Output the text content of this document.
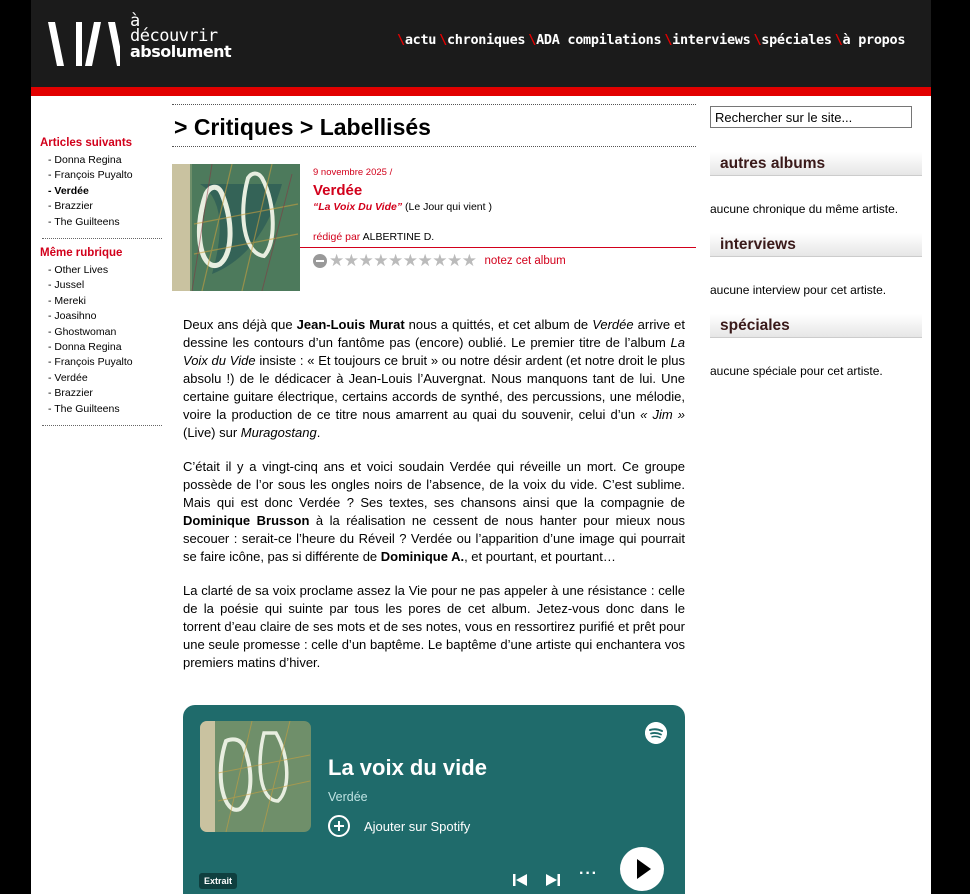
à
découvrir
absolument
\actu \chroniques \ADA compilations \interviews \spéciales \à propos
Articles suivants
- Donna Regina
- François Puyalto
- Verdée
- Brazzier
- The Guilteens
Même rubrique
- Other Lives
- Jussel
- Mereki
- Joasihno
- Ghostwoman
- Donna Regina
- François Puyalto
- Verdée
- Brazzier
- The Guilteens
> Critiques > Labellisés
9 novembre 2025 /
Verdée
“La Voix Du Vide” (Le Jour qui vient )
rédigé par ALBERTINE D.
★ ★ ★ ★ ★ ★ ★ ★ ★ ★ notez cet album

Deux ans déjà que Jean-Louis Murat nous a quittés, et cet album de Verdée arrive et dessine les contours d’un fantôme pas (encore) oublié. Le premier titre de l’album La Voix du Vide insiste : « Et toujours ce bruit » ou notre désir ardent (et notre droit le plus absolu !) de le dédicacer à Jean-Louis l’Auvergnat. Nous manquons tant de lui. Une certaine guitare électrique, certains accords de synthé, des percussions, une mélodie, voire la production de ce titre nous amarrent au quai du souvenir, celui d’un « Jim » (Live) sur Muragostang.

C’était il y a vingt-cinq ans et voici soudain Verdée qui réveille un mort. Ce groupe possède de l’or sous les ongles noirs de l’absence, de la voix du vide. C’est sublime. Mais qui est donc Verdée ? Ses textes, ses chansons ainsi que la compagnie de Dominique Brusson à la réalisation ne cessent de nous hanter pour mieux nous secouer : serait-ce l’heure du Réveil ? Verdée ou l’apparition d’une image qui pourrait se faire icône, pas si différente de Dominique A., et pourtant, et pourtant…

La clarté de sa voix proclame assez la Vie pour ne pas appeler à une résistance : celle de la poésie qui suinte par tous les pores de cet album. Jetez-vous donc dans le torrent d’eau claire de ses mots et de ses notes, vous en ressortirez purifié et prêt pour une seule promesse : celle d’un baptême. Le baptême d’une artiste qui enchantera vos premiers matins d’hiver.

La voix du vide
Verdée
Ajouter sur Spotify
Extrait	···
Rechercher sur le site...
autres albums
aucune chronique du même artiste.
interviews
aucune interview pour cet artiste.
spéciales
aucune spéciale pour cet artiste.
